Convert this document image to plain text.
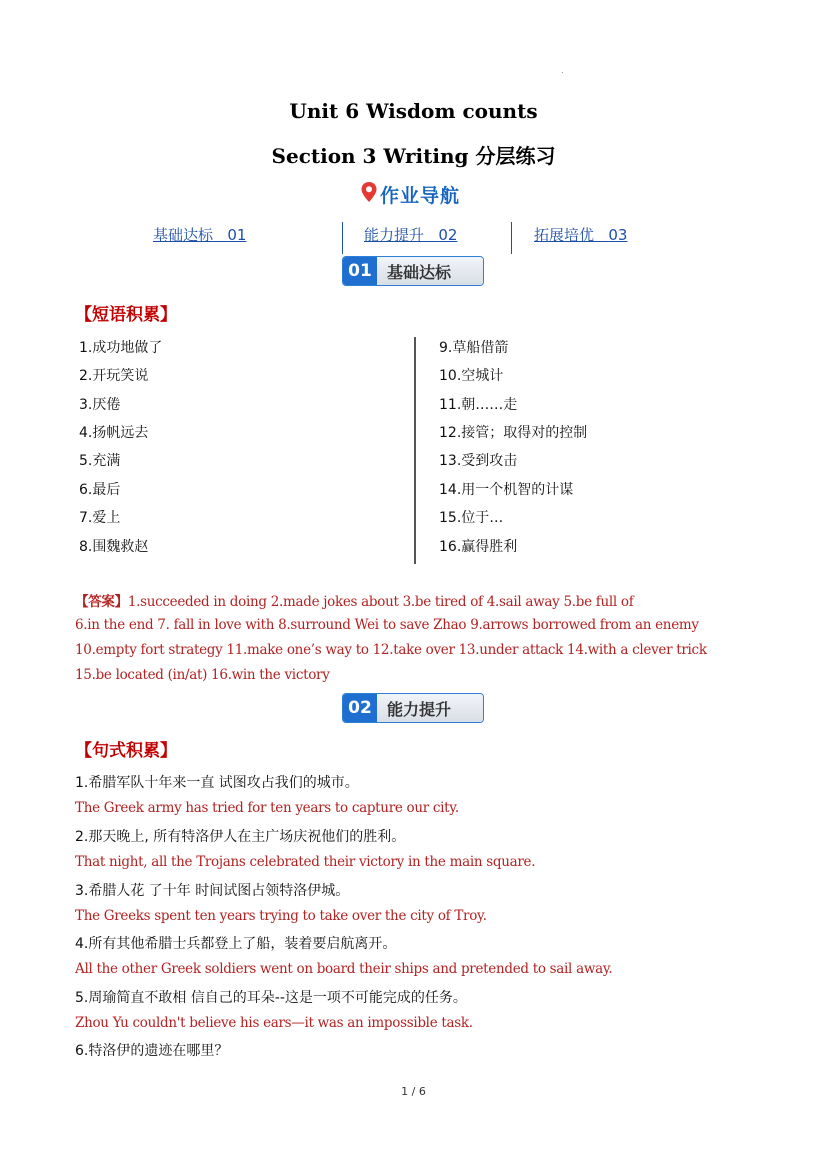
.
Unit 6 Wisdom counts
Section 3 Writing 分层练习
作业导航
基础达标 01	能力提升 02	拓展培优 03
01 基础达标
【短语积累】
1.成功地做了
2.开玩笑说
3.厌倦
4.扬帆远去
5.充满
6.最后
7.爱上
8.围魏救赵
9.草船借箭
10.空城计
11.朝……走
12.接管；取得对的控制
13.受到攻击
14.用一个机智的计谋
15.位于…
16.赢得胜利
【答案】1.succeeded in doing 2.made jokes about 3.be tired of 4.sail away 5.be full of
6.in the end 7. fall in love with 8.surround Wei to save Zhao 9.arrows borrowed from an enemy
10.empty fort strategy 11.make one’s way to 12.take over 13.under attack 14.with a clever trick
15.be located (in/at) 16.win the victory
02 能力提升
【句式积累】
1.希腊军队十年来一直 试图攻占我们的城市。
The Greek army has tried for ten years to capture our city.
2.那天晚上, 所有特洛伊人在主广场庆祝他们的胜利。
That night, all the Trojans celebrated their victory in the main square.
3.希腊人花 了十年 时间试图占领特洛伊城。
The Greeks spent ten years trying to take over the city of Troy.
4.所有其他希腊士兵都登上了船，装着要启航离开。
All the other Greek soldiers went on board their ships and pretended to sail away.
5.周瑜简直不敢相 信自己的耳朵--这是一项不可能完成的任务。
Zhou Yu couldn't believe his ears—it was an impossible task.
6.特洛伊的遗迹在哪里？
1 / 6
